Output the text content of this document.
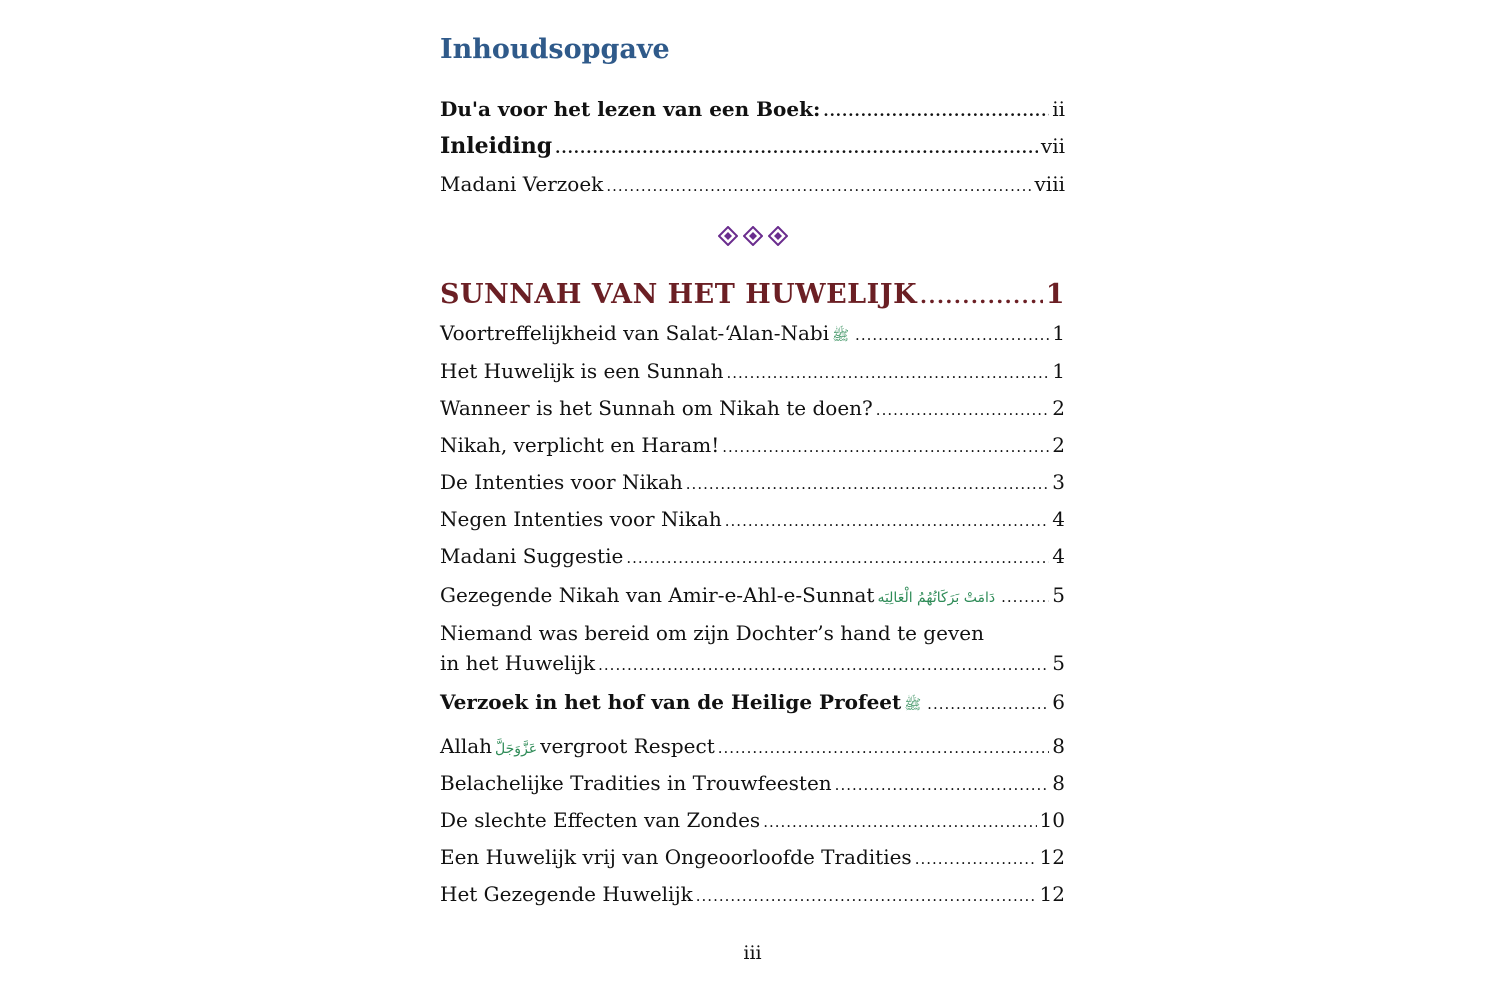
Inhoudsopgave
Du'a voor het lezen van een Boek: .....	ii
Inleiding .....	vii
Madani Verzoek .....	viii
SUNNAH VAN HET HUWELIJK .....	1
Voortreffelijkheid van Salat-‘Alan-Nabi ﷺ .....	1
Het Huwelijk is een Sunnah .....	1
Wanneer is het Sunnah om Nikah te doen? .....	2
Nikah, verplicht en Haram! .....	2
De Intenties voor Nikah .....	3
Negen Intenties voor Nikah .....	4
Madani Suggestie .....	4
Gezegende Nikah van Amir-e-Ahl-e-Sunnat دَامَتْ بَرَكَاتُهُمُ الْعَالِيَه .....	5
Niemand was bereid om zijn Dochter’s hand te geven
in het Huwelijk .....	5
Verzoek in het hof van de Heilige Profeet ﷺ .....	6
Allah عَزَّوَجَلَّ vergroot Respect .....	8
Belachelijke Tradities in Trouwfeesten .....	8
De slechte Effecten van Zondes .....	10
Een Huwelijk vrij van Ongeoorloofde Tradities .....	12
Het Gezegende Huwelijk .....	12
iii
